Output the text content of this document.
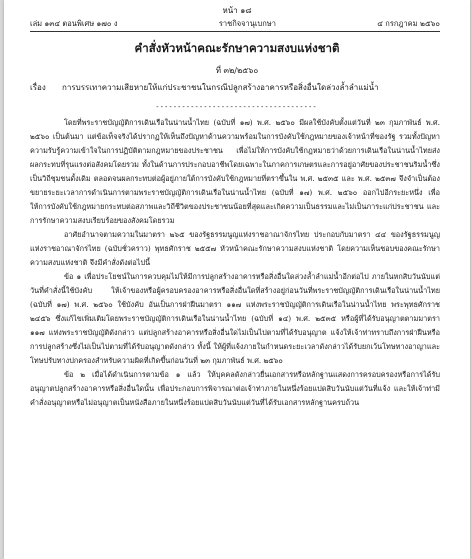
หน้า ๑๘
เล่ม ๑๓๔ ตอนพิเศษ ๑๗๐ ง	ราชกิจจานุเบกษา	๔ กรกฎาคม ๒๕๖๐
คำสั่งหัวหน้าคณะรักษาความสงบแห่งชาติ
ที่ ๓๒/๒๕๖๐
เรื่อง	การบรรเทาความเสียหายให้แก่ประชาชนในกรณีปลูกสร้างอาคารหรือสิ่งอื่นใดล่วงล้ำลำแม่น้ำ
-------------------------------------

โดยที่พระราชบัญญัติการเดินเรือในน่านน้ำไทย (ฉบับที่ ๑๗) พ.ศ. ๒๕๖๐ มีผลใช้บังคับตั้งแต่วันที่ ๒๓ กุมภาพันธ์ พ.ศ. ๒๕๖๐ เป็นต้นมา แต่ข้อเท็จจริงได้ปรากฏให้เห็นถึงปัญหาด้านความพร้อมในการบังคับใช้กฎหมายของเจ้าหน้าที่ของรัฐ รวมทั้งปัญหาความรับรู้ความเข้าใจในการปฏิบัติตามกฎหมายของประชาชน เพื่อไม่ให้การบังคับใช้กฎหมายว่าด้วยการเดินเรือในน่านน้ำไทยส่งผลกระทบที่รุนแรงต่อสังคมโดยรวม ทั้งในด้านการประกอบอาชีพโดยเฉพาะในภาคการเกษตรและการอยู่อาศัยของประชาชนริมน้ำซึ่งเป็นวิถีชุมชนดั้งเดิม ตลอดจนผลกระทบต่อผู้อยู่ภายใต้การบังคับใช้กฎหมายที่ตราขึ้นใน พ.ศ. ๒๕๓๕ และ พ.ศ. ๒๕๓๗ จึงจำเป็นต้องขยายระยะเวลาการดำเนินการตามพระราชบัญญัติการเดินเรือในน่านน้ำไทย (ฉบับที่ ๑๗) พ.ศ. ๒๕๖๐ ออกไปอีกระยะหนึ่ง เพื่อให้การบังคับใช้กฎหมายกระทบต่อสภาพและวิถีชีวิตของประชาชนน้อยที่สุดและเกิดความเป็นธรรมและไม่เป็นภาระแก่ประชาชน และการรักษาความสงบเรียบร้อยของสังคมโดยรวม

อาศัยอำนาจตามความในมาตรา ๒๖๕ ของรัฐธรรมนูญแห่งราชอาณาจักรไทย ประกอบกับมาตรา ๔๔ ของรัฐธรรมนูญแห่งราชอาณาจักรไทย (ฉบับชั่วคราว) พุทธศักราช ๒๕๕๗ หัวหน้าคณะรักษาความสงบแห่งชาติ โดยความเห็นชอบของคณะรักษาความสงบแห่งชาติ จึงมีคำสั่งดังต่อไปนี้

ข้อ ๑ เพื่อประโยชน์ในการควบคุมไม่ให้มีการปลูกสร้างอาคารหรือสิ่งอื่นใดล่วงล้ำลำแม่น้ำอีกต่อไป ภายในหกสิบวันนับแต่วันที่คำสั่งนี้ใช้บังคับ ให้เจ้าของหรือผู้ครอบครองอาคารหรือสิ่งอื่นใดที่สร้างอยู่ก่อนวันที่พระราชบัญญัติการเดินเรือในน่านน้ำไทย (ฉบับที่ ๑๗) พ.ศ. ๒๕๖๐ ใช้บังคับ อันเป็นการฝ่าฝืนมาตรา ๑๑๗ แห่งพระราชบัญญัติการเดินเรือในน่านน้ำไทย พระพุทธศักราช ๒๔๕๖ ซึ่งแก้ไขเพิ่มเติมโดยพระราชบัญญัติการเดินเรือในน่านน้ำไทย (ฉบับที่ ๑๔) พ.ศ. ๒๕๓๕ หรือผู้ที่ได้รับอนุญาตตามมาตรา ๑๑๗ แห่งพระราชบัญญัติดังกล่าว แต่ปลูกสร้างอาคารหรือสิ่งอื่นใดไม่เป็นไปตามที่ได้รับอนุญาต แจ้งให้เจ้าท่าทราบถึงการฝ่าฝืนหรือการปลูกสร้างซึ่งไม่เป็นไปตามที่ได้รับอนุญาตดังกล่าว ทั้งนี้ ให้ผู้ที่แจ้งภายในกำหนดระยะเวลาดังกล่าวได้รับยกเว้นโทษทางอาญาและโทษปรับทางปกครองสำหรับความผิดที่เกิดขึ้นก่อนวันที่ ๒๓ กุมภาพันธ์ พ.ศ. ๒๕๖๐

ข้อ ๒ เมื่อได้ดำเนินการตามข้อ ๑ แล้ว ให้บุคคลดังกล่าวยื่นเอกสารหรือหลักฐานแสดงการครอบครองหรือการได้รับอนุญาตปลูกสร้างอาคารหรือสิ่งอื่นใดนั้น เพื่อประกอบการพิจารณาต่อเจ้าท่าภายในหนึ่งร้อยแปดสิบวันนับแต่วันที่แจ้ง และให้เจ้าท่ามีคำสั่งอนุญาตหรือไม่อนุญาตเป็นหนังสือภายในหนึ่งร้อยแปดสิบวันนับแต่วันที่ได้รับเอกสารหลักฐานครบถ้วน
